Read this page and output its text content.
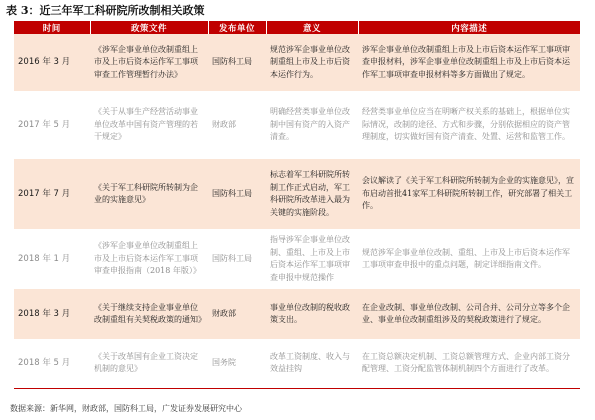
表 3：近三年军工科研院所改制相关政策
时间	政策文件	发布单位	意义	内容描述
2016 年 3 月	《涉军企事业单位改制重组上市及上市后资本运作军工事项审查工作管理暂行办法》	国防科工局	规范涉军企事业单位改制重组上市及上市后资本运作行为。	涉军企事业单位改制重组上市及上市后资本运作军工事项审查申报材料，涉军企事业单位改制重组上市及上市后资本运作军工事项审查申报材料等多方面做出了规定。
2017 年 5 月	《关于从事生产经营活动事业单位改革中国有资产管理的若干规定》	财政部	明确经营类事业单位改制中国有资产的入资产清查。	经营类事业单位应当在明晰产权关系的基础上，根据单位实际情况，改制的途径、方式和步骤，分别依据相应的资产管理制度，切实做好国有资产清查、处置、运营和监管工作。
2017 年 7 月	《关于军工科研院所转制为企业的实施意见》	国防科工局	标志着军工科研院所转制工作正式启动，军工科研院所改革进入最为关键的实施阶段。	会议解读了《关于军工科研院所转制为企业的实施意见》，宣布启动首批41家军工科研院所转制工作，研究部署了相关工作。
2018 年 1 月	《涉军企事业单位改制重组上市及上市后资本运作军工事项审查申报指南（2018 年版）》	国防科工局	指导涉军企事业单位改制、重组、上市及上市后资本运作军工事项审查申报中规范操作	规范涉军企事业单位改制、重组、上市及上市后资本运作军工事项审查申报中的重点问题，制定详细指南文件。
2018 年 3 月	《关于继续支持企业事业单位改制重组有关契税政策的通知》	财政部	事业单位改制的税收政策支出。	在企业改制、事业单位改制、公司合并、公司分立等多个企业、事业单位改制重组涉及的契税政策进行了规定。
2018 年 5 月	《关于改革国有企业工资决定机制的意见》	国务院	改革工资制度、收入与效益挂钩	在工资总额决定机制、工资总额管理方式、企业内部工资分配管理、工资分配监管体制机制四个方面进行了改革。
数据来源：新华网，财政部，国防科工局，广发证券发展研究中心
